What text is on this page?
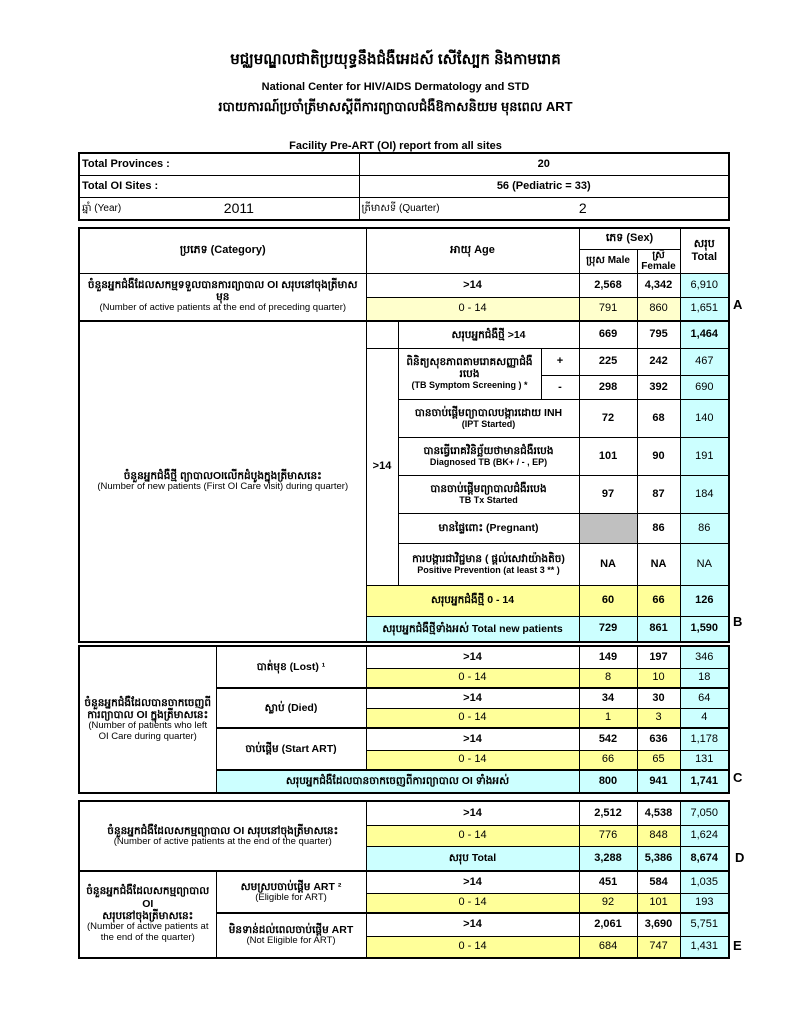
មជ្ឈមណ្ឌលជាតិប្រយុទ្ធនឹងជំងឺអេដស៍ សើស្បែក និងកាមរោគ
National Center for HIV/AIDS Dermatology and STD
របាយការណ៍ប្រចាំត្រីមាសស្តីពីការព្យាបាលជំងឺឱកាសនិយម មុនពេល ART
Facility Pre-ART (OI) report from all sites
Total Provinces :	20
Total OI Sites :	56 (Pediatric = 33)

ឆ្នាំ (Year) 2011	ត្រីមាសទី (Quarter) 2
ប្រភេទ (Category)	អាយុ Age			ភេទ (Sex)		សរុប Total
				ប្រុស Male	ស្រី Female	

ចំនួនអ្នកជំងឺដែលសកម្មទទួលបានការព្យាបាល OI សរុបនៅចុងត្រីមាសមុន
(Number of active patients at the end of preceding quarter)	>14			2,568	4,342	6,910
	0 - 14			791	860	1,651

ចំនួនអ្នកជំងឺថ្មី ព្យាបាលOIលើកដំបូងក្នុងត្រីមាសនេះ
(Number of new patients (First OI Care visit) during quarter)		សរុបអ្នកជំងឺថ្មី >14		669	795	1,464
	>14	ពិនិត្យសុខភាពតាមរោគសញ្ញាជំងឺរបេង
(TB Symptom Screening ) *	+	225	242	467
			-	298	392	690

		បានចាប់ផ្តើមព្យាបាលបង្ការដោយ INH
(IPT Started)		72	68	140

		បានធ្វើរោគវិនិច្ឆ័យថាមានជំងឺរបេង
Diagnosed TB (BK+ / - , EP)		101	90	191

		បានចាប់ផ្តើមព្យាបាលជំងឺរបេង
TB Tx Started		97	87	184
		មានផ្ទៃពោះ (Pregnant)			86	86

		ការបង្ការជាវិជ្ជមាន ( ផ្តល់សេវាយ៉ាងតិច)
Positive Prevention (at least 3 ** )		NA	NA	NA
	សរុបអ្នកជំងឺថ្មី 0 - 14			60	66	126
	សរុបអ្នកជំងឺថ្មីទាំងអស់ Total new patients			729	861	1,590
ចំនួនអ្នកជំងឺដែលបានចាកចេញពី
ការព្យាបាល OI ក្នុងត្រីមាសនេះ
(Number of patients who left
OI Care during quarter)	បាត់មុខ (Lost) ¹	>14	149	197	346
		0 - 14	8	10	18
	ស្លាប់ (Died)	>14	34	30	64
		0 - 14	1	3	4
	ចាប់ផ្តើម (Start ART)	>14	542	636	1,178
		0 - 14	66	65	131
	សរុបអ្នកជំងឺដែលបានចាកចេញពីការព្យាបាល OI ទាំងអស់		800	941	1,741
ចំនួនអ្នកជំងឺដែលសកម្មព្យាបាល OI សរុបនៅចុងត្រីមាសនេះ
(Number of active patients at the end of the quarter)		>14	2,512	4,538	7,050
		0 - 14	776	848	1,624
		សរុប Total	3,288	5,386	8,674

ចំនួនអ្នកជំងឺដែលសកម្មព្យាបាល OI
សរុបនៅចុងត្រីមាសនេះ
(Number of active patients at
the end of the quarter)

សមស្របចាប់ផ្តើម ART ²
(Eligible for ART)
	>14	451	584	1,035
		0 - 14	92	101	193

	មិនទាន់ដល់ពេលចាប់ផ្តើម ART
(Not Eligible for ART)	>14	2,061	3,690	5,751
		0 - 14	684	747	1,431
A
B
C
D
E
